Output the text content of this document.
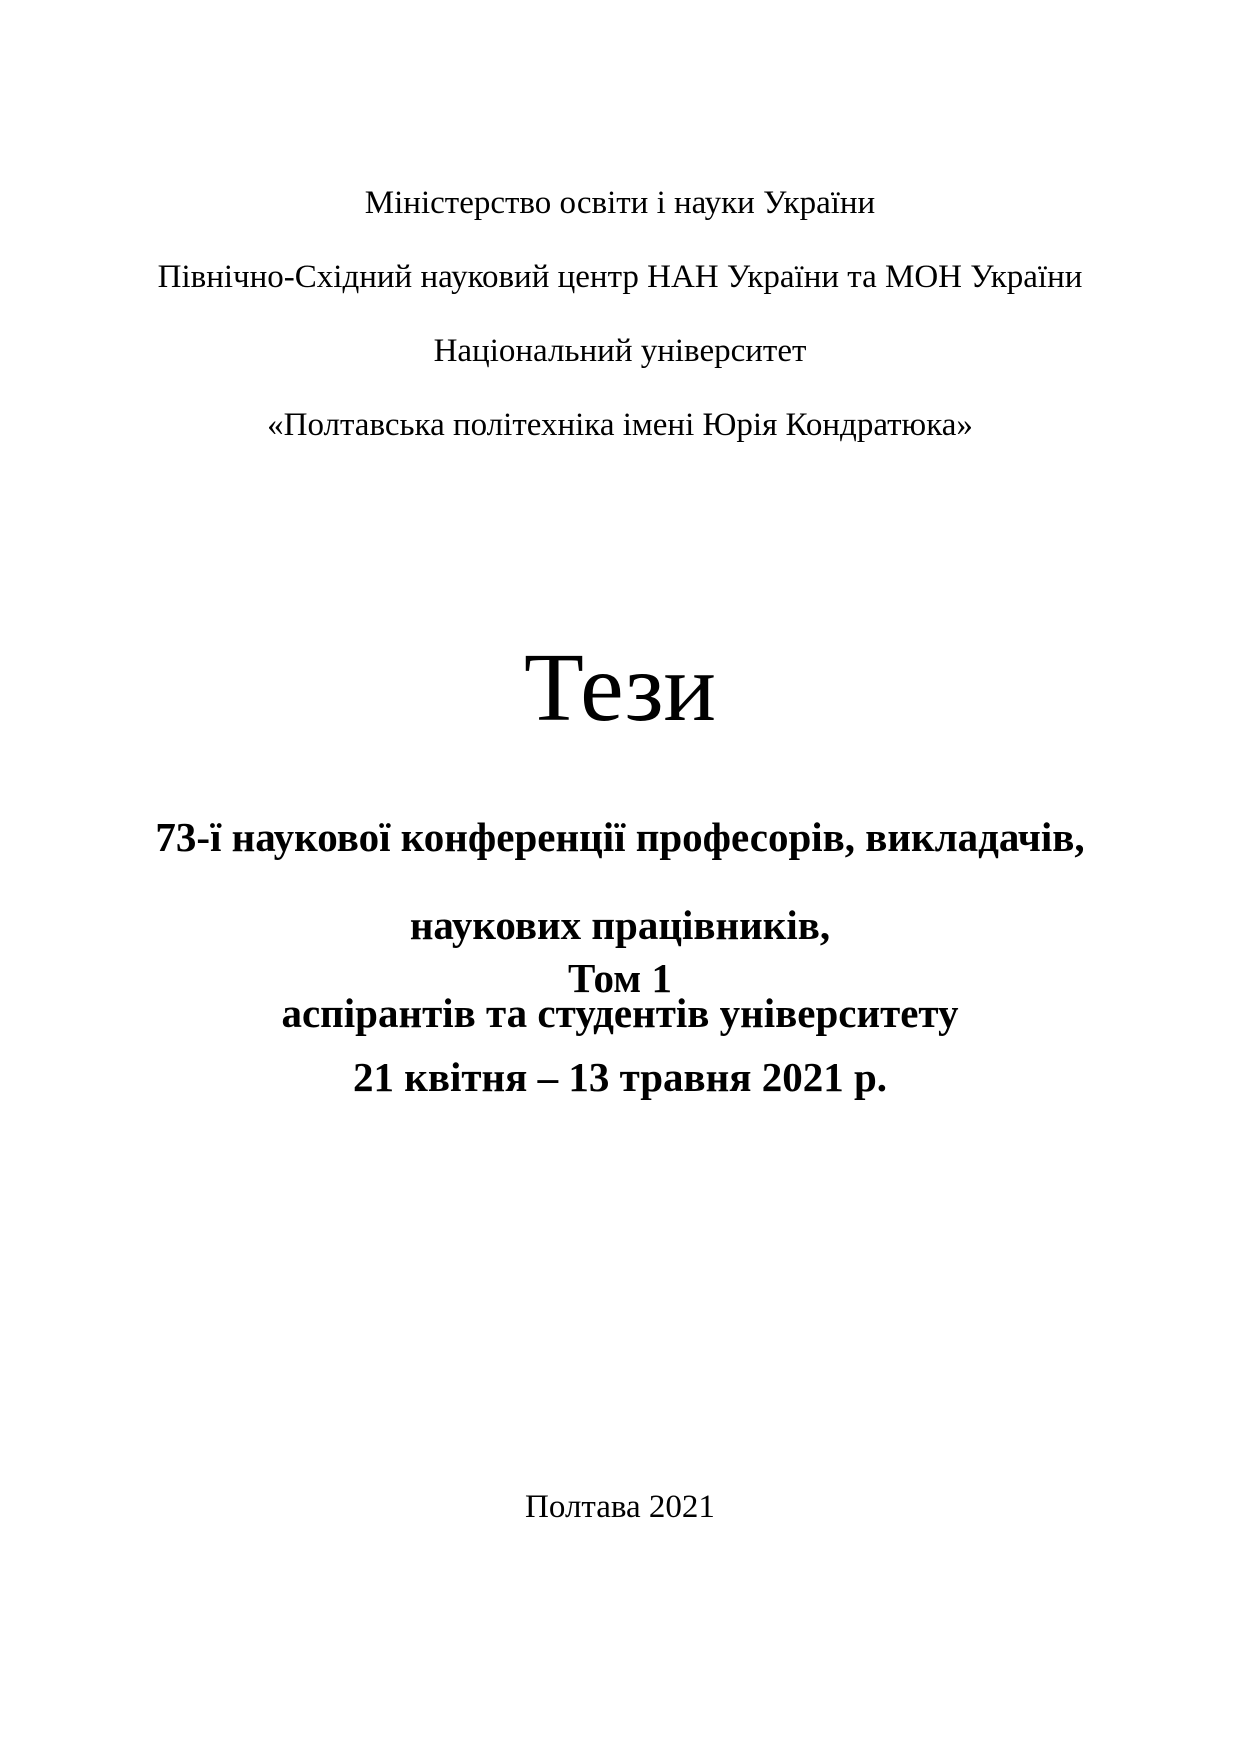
Міністерство освіти і науки України

Північно-Східний науковий центр НАН України та МОН України

Національний університет

«Полтавська політехніка імені Юрія Кондратюка»

Тези

73-ї наукової конференції професорів, викладачів,

наукових працівників,

аспірантів та студентів університету

Том 1
21 квітня – 13 травня 2021 р.
Полтава 2021
